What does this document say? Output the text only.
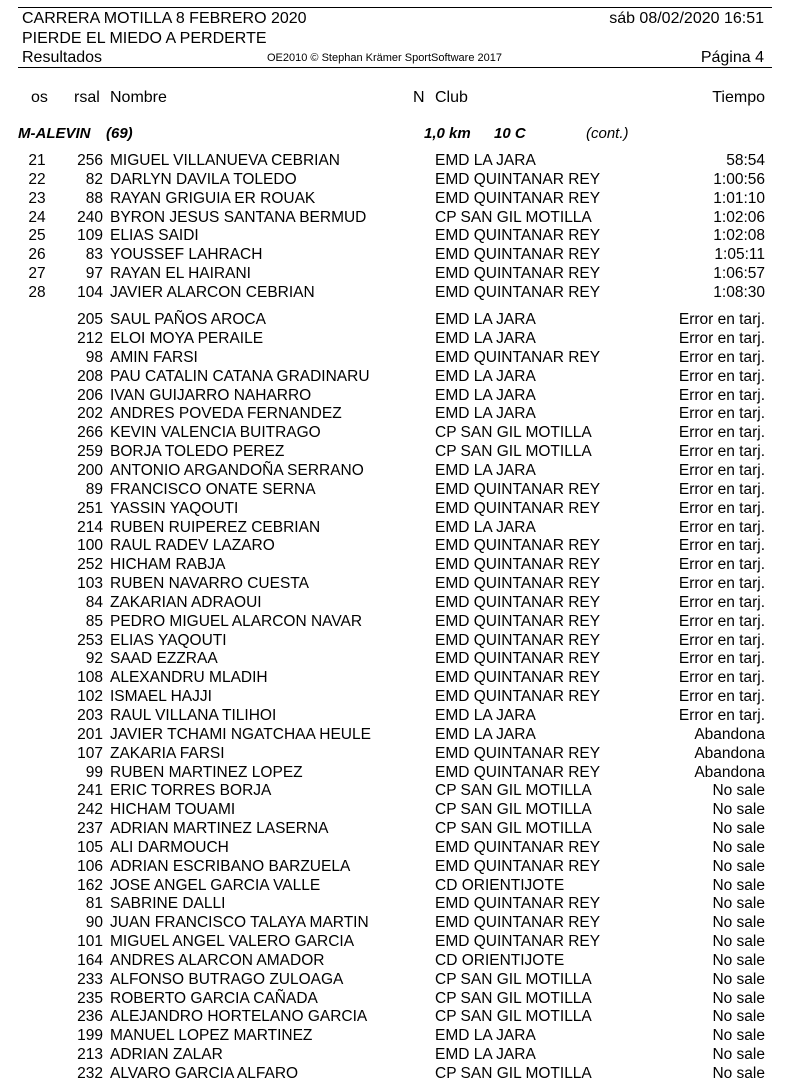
CARRERA MOTILLA 8 FEBRERO 2020
PIERDE EL MIEDO A PERDERTE
Resultados	OE2010 © Stephan Krämer SportSoftware 2017
sáb 08/02/2020 16:51
Página 4
os rsal Nombre	N Club	Tiempo
M-ALEVIN (69)	1,0 km 10 C	(cont.)
21	256 MIGUEL VILLANUEVA CEBRIAN	EMD LA JARA	58:54
22	82 DARLYN DAVILA TOLEDO	EMD QUINTANAR REY	1:00:56
23	88 RAYAN GRIGUIA ER ROUAK	EMD QUINTANAR REY	1:01:10
24	240 BYRON JESUS SANTANA BERMUD	CP SAN GIL MOTILLA	1:02:06
25	109 ELIAS SAIDI	EMD QUINTANAR REY	1:02:08
26	83 YOUSSEF LAHRACH	EMD QUINTANAR REY	1:05:11
27	97 RAYAN EL HAIRANI	EMD QUINTANAR REY	1:06:57
28	104 JAVIER ALARCON CEBRIAN	EMD QUINTANAR REY	1:08:30
205 SAUL PAÑOS AROCA	EMD LA JARA	Error en tarj.
212 ELOI MOYA PERAILE	EMD LA JARA	Error en tarj.
98 AMIN FARSI	EMD QUINTANAR REY	Error en tarj.
208 PAU CATALIN CATANA GRADINARU	EMD LA JARA	Error en tarj.
206 IVAN GUIJARRO NAHARRO	EMD LA JARA	Error en tarj.
202 ANDRES POVEDA FERNANDEZ	EMD LA JARA	Error en tarj.
266 KEVIN VALENCIA BUITRAGO	CP SAN GIL MOTILLA	Error en tarj.
259 BORJA TOLEDO PEREZ	CP SAN GIL MOTILLA	Error en tarj.
200 ANTONIO ARGANDOÑA SERRANO	EMD LA JARA	Error en tarj.
89 FRANCISCO ONATE SERNA	EMD QUINTANAR REY	Error en tarj.
251 YASSIN YAQOUTI	EMD QUINTANAR REY	Error en tarj.
214 RUBEN RUIPEREZ CEBRIAN	EMD LA JARA	Error en tarj.
100 RAUL RADEV LAZARO	EMD QUINTANAR REY	Error en tarj.
252 HICHAM RABJA	EMD QUINTANAR REY	Error en tarj.
103 RUBEN NAVARRO CUESTA	EMD QUINTANAR REY	Error en tarj.
84 ZAKARIAN ADRAOUI	EMD QUINTANAR REY	Error en tarj.
85 PEDRO MIGUEL ALARCON NAVAR	EMD QUINTANAR REY	Error en tarj.
253 ELIAS YAQOUTI	EMD QUINTANAR REY	Error en tarj.
92 SAAD EZZRAA	EMD QUINTANAR REY	Error en tarj.
108 ALEXANDRU MLADIH	EMD QUINTANAR REY	Error en tarj.
102 ISMAEL HAJJI	EMD QUINTANAR REY	Error en tarj.
203 RAUL VILLANA TILIHOI	EMD LA JARA	Error en tarj.
201 JAVIER TCHAMI NGATCHAA HEULE	EMD LA JARA	Abandona
107 ZAKARIA FARSI	EMD QUINTANAR REY	Abandona
99 RUBEN MARTINEZ LOPEZ	EMD QUINTANAR REY	Abandona
241 ERIC TORRES BORJA	CP SAN GIL MOTILLA	No sale
242 HICHAM TOUAMI	CP SAN GIL MOTILLA	No sale
237 ADRIAN MARTINEZ LASERNA	CP SAN GIL MOTILLA	No sale
105 ALI DARMOUCH	EMD QUINTANAR REY	No sale
106 ADRIAN ESCRIBANO BARZUELA	EMD QUINTANAR REY	No sale
162 JOSE ANGEL GARCIA VALLE	CD ORIENTIJOTE	No sale
81 SABRINE DALLI	EMD QUINTANAR REY	No sale
90 JUAN FRANCISCO TALAYA MARTIN	EMD QUINTANAR REY	No sale
101 MIGUEL ANGEL VALERO GARCIA	EMD QUINTANAR REY	No sale
164 ANDRES ALARCON AMADOR	CD ORIENTIJOTE	No sale
233 ALFONSO BUTRAGO ZULOAGA	CP SAN GIL MOTILLA	No sale
235 ROBERTO GARCIA CAÑADA	CP SAN GIL MOTILLA	No sale
236 ALEJANDRO HORTELANO GARCIA	CP SAN GIL MOTILLA	No sale
199 MANUEL LOPEZ MARTINEZ	EMD LA JARA	No sale
213 ADRIAN ZALAR	EMD LA JARA	No sale
232 ALVARO GARCIA ALFARO	CP SAN GIL MOTILLA	No sale
